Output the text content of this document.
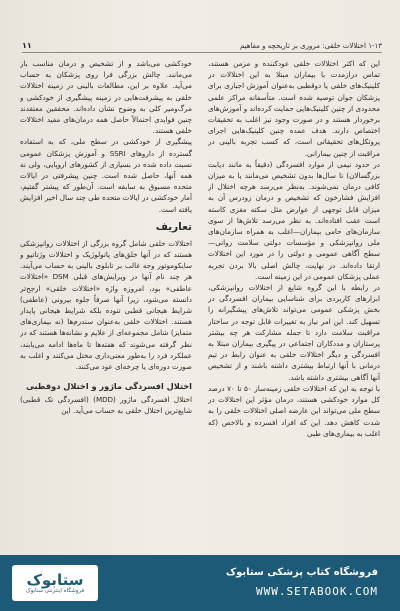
۱-۱۳ اختلالات خلقی: مروری بر تاریخچه و مفاهیم
۱۱

این که اکثر اختلالات خلقی عودکننده و مزمن هستند، تماس درازمدت با بیماران مبتلا به این اختلالات در کلینیک‌های خلقی یا دوقطبی به‌عنوان آموزش اجباری برای پزشکان جوان توصیه شده است. متأسفانه مراکز علمی محدودی از چنین کلینیک‌هایی حمایت کرده‌اند و آموزش‌های برخوردار هستند و در صورت وجود نیز اغلب به تحقیقات اختصاص دارند. هدف عمده چنین کلینیک‌هایی اجرای پروتکل‌های تحقیقاتی است، که کسب تجربه بالینی در مراقبت از چنین بیمارانی.

در حدود نیمی از موارد افسردگی (دقیقاً به مانند دیابت بزرگسالان) تا سال‌ها بدون تشخیص می‌مانند یا به میزان کافی درمان نمی‌شوند. به‌نظر می‌رسد هرچه اختلال از افزایش فشارخون که تشخیص و درمان زودرس آن به میزان قابل توجهی از عوارض مثل سکته مغزی کاسته است عقب افتاده‌اند. به نظر می‌رسد تلاش‌ها از سوی سازمان‌های حامی بیماران—اغلب به همراه سازمان‌های ملی روانپزشکی و مؤسسات دولتی سلامت روانی— سطح آگاهی عمومی و دولتی را در مورد این اختلالات ارتقا داده‌اند. در نهایت، چالش اصلی بالا بردن تجربه عملی پزشکان عمومی در این زمینه است.

در رابطه با این گروه شایع از اختلالات روانپزشکی، ابزارهای کاربردی برای شناسایی بیماران افسردگی در بخش پزشکی عمومی می‌تواند تلاش‌های پیشگیرانه را تسهیل کند. این امر نیاز به تغییرات قابل توجه در ساختار مراقبت سلامت دارد تا جمله مشارکت هر چه بیشتر پرستاران و مددکاران اجتماعی در پیگیری بیماران مبتلا به افسردگی و دیگر اختلالات خلقی به عنوان رابط در تیم درمانی با آنها ارتباط بیشتری داشته باشند و از تشخیص آنها آگاهی بیشتری داشته باشد.

با توجه به این که اختلالات خلقی زمینه‌ساز ۵۰ تا ۷۰ درصد کل موارد خودکشی هستند، درمان مؤثر این اختلالات در سطح ملی می‌تواند این عارضه اصلی اختلالات خلقی را به شدت کاهش دهد. این که افراد افسرده و بالاخص (که اغلب به بیماری‌های طبی

خودکشی می‌باشد و از تشخیص و درمان مناسب باز می‌مانند. چالش بزرگی فرا روی پزشکان به حساب می‌آید. علاوه بر این، مطالعات بالینی در زمینه اختلالات خلقی به پیشرفت‌هایی در زمینه پیشگیری از خودکشی و مرگ‌ومیر کلی به وضوح نشان داده‌اند. محققین معتقدند چنین فوایدی احتمالاً حاصل همه درمان‌های مفید اختلالات خلقی هستند.

پیشگیری از خودکشی در سطح ملی، که به استفاده گسترده از داروهای SSRI و آموزش پزشکان عمومی نسبت داده شده در بسیاری از کشورهای اروپایی، ولی نه همه آنها، حاصل شده است. چنین پیشرفتی در ایالات متحده مسبوق به سابقه است. آن‌طور که پیشتر گفتیم، آمار خودکشی در ایالات متحده طی چند سال اخیر افزایش یافته است.

تعاریف

اختلالات خلقی شامل گروه بزرگی از اختلالات روانپزشکی هستند که در آنها خلق‌های پاتولوژیک و اختلالات وژتاتیو و سایکوموتور وجه غالب بر تابلوی بالینی به حساب می‌آیند. هر چند نام آنها در ویرایش‌های قبلی DSM «اختلالات عاطفی» بود، امروزه واژه «اختلالات خلقی» ارجح‌تر دانسته می‌شود، زیرا آنها صرفاً جلوه بیرونی (عاطفی) شرایط هیجانی قطبی تنوده بلکه شرایط هیجانی پایدار هستند. اختلالات خلقی به‌عنوان سندرم‌ها (نه بیماری‌های متمایز) شامل مجموعه‌ای از علایم و نشانه‌ها هستند که در نظر گرفته می‌شوند که هفته‌ها تا ماه‌ها ادامه می‌یابند، عملکرد فرد را به‌طور معنی‌داری مختل می‌کنند و اغلب به صورت دوره‌ای یا چرخه‌ای عود می‌کنند.

اختلال افسردگی ماژور و اختلال دوقطبی

اختلال افسردگی ماژور (MDD) (افسردگی تک قطبی) شایع‌ترین اختلال خلقی به حساب می‌آید. این

ستابوک
فروشگاه اینترنتی ستابوک
فروشگاه کتاب پزشکی ستابوک
WWW.SETABOOK.COM
